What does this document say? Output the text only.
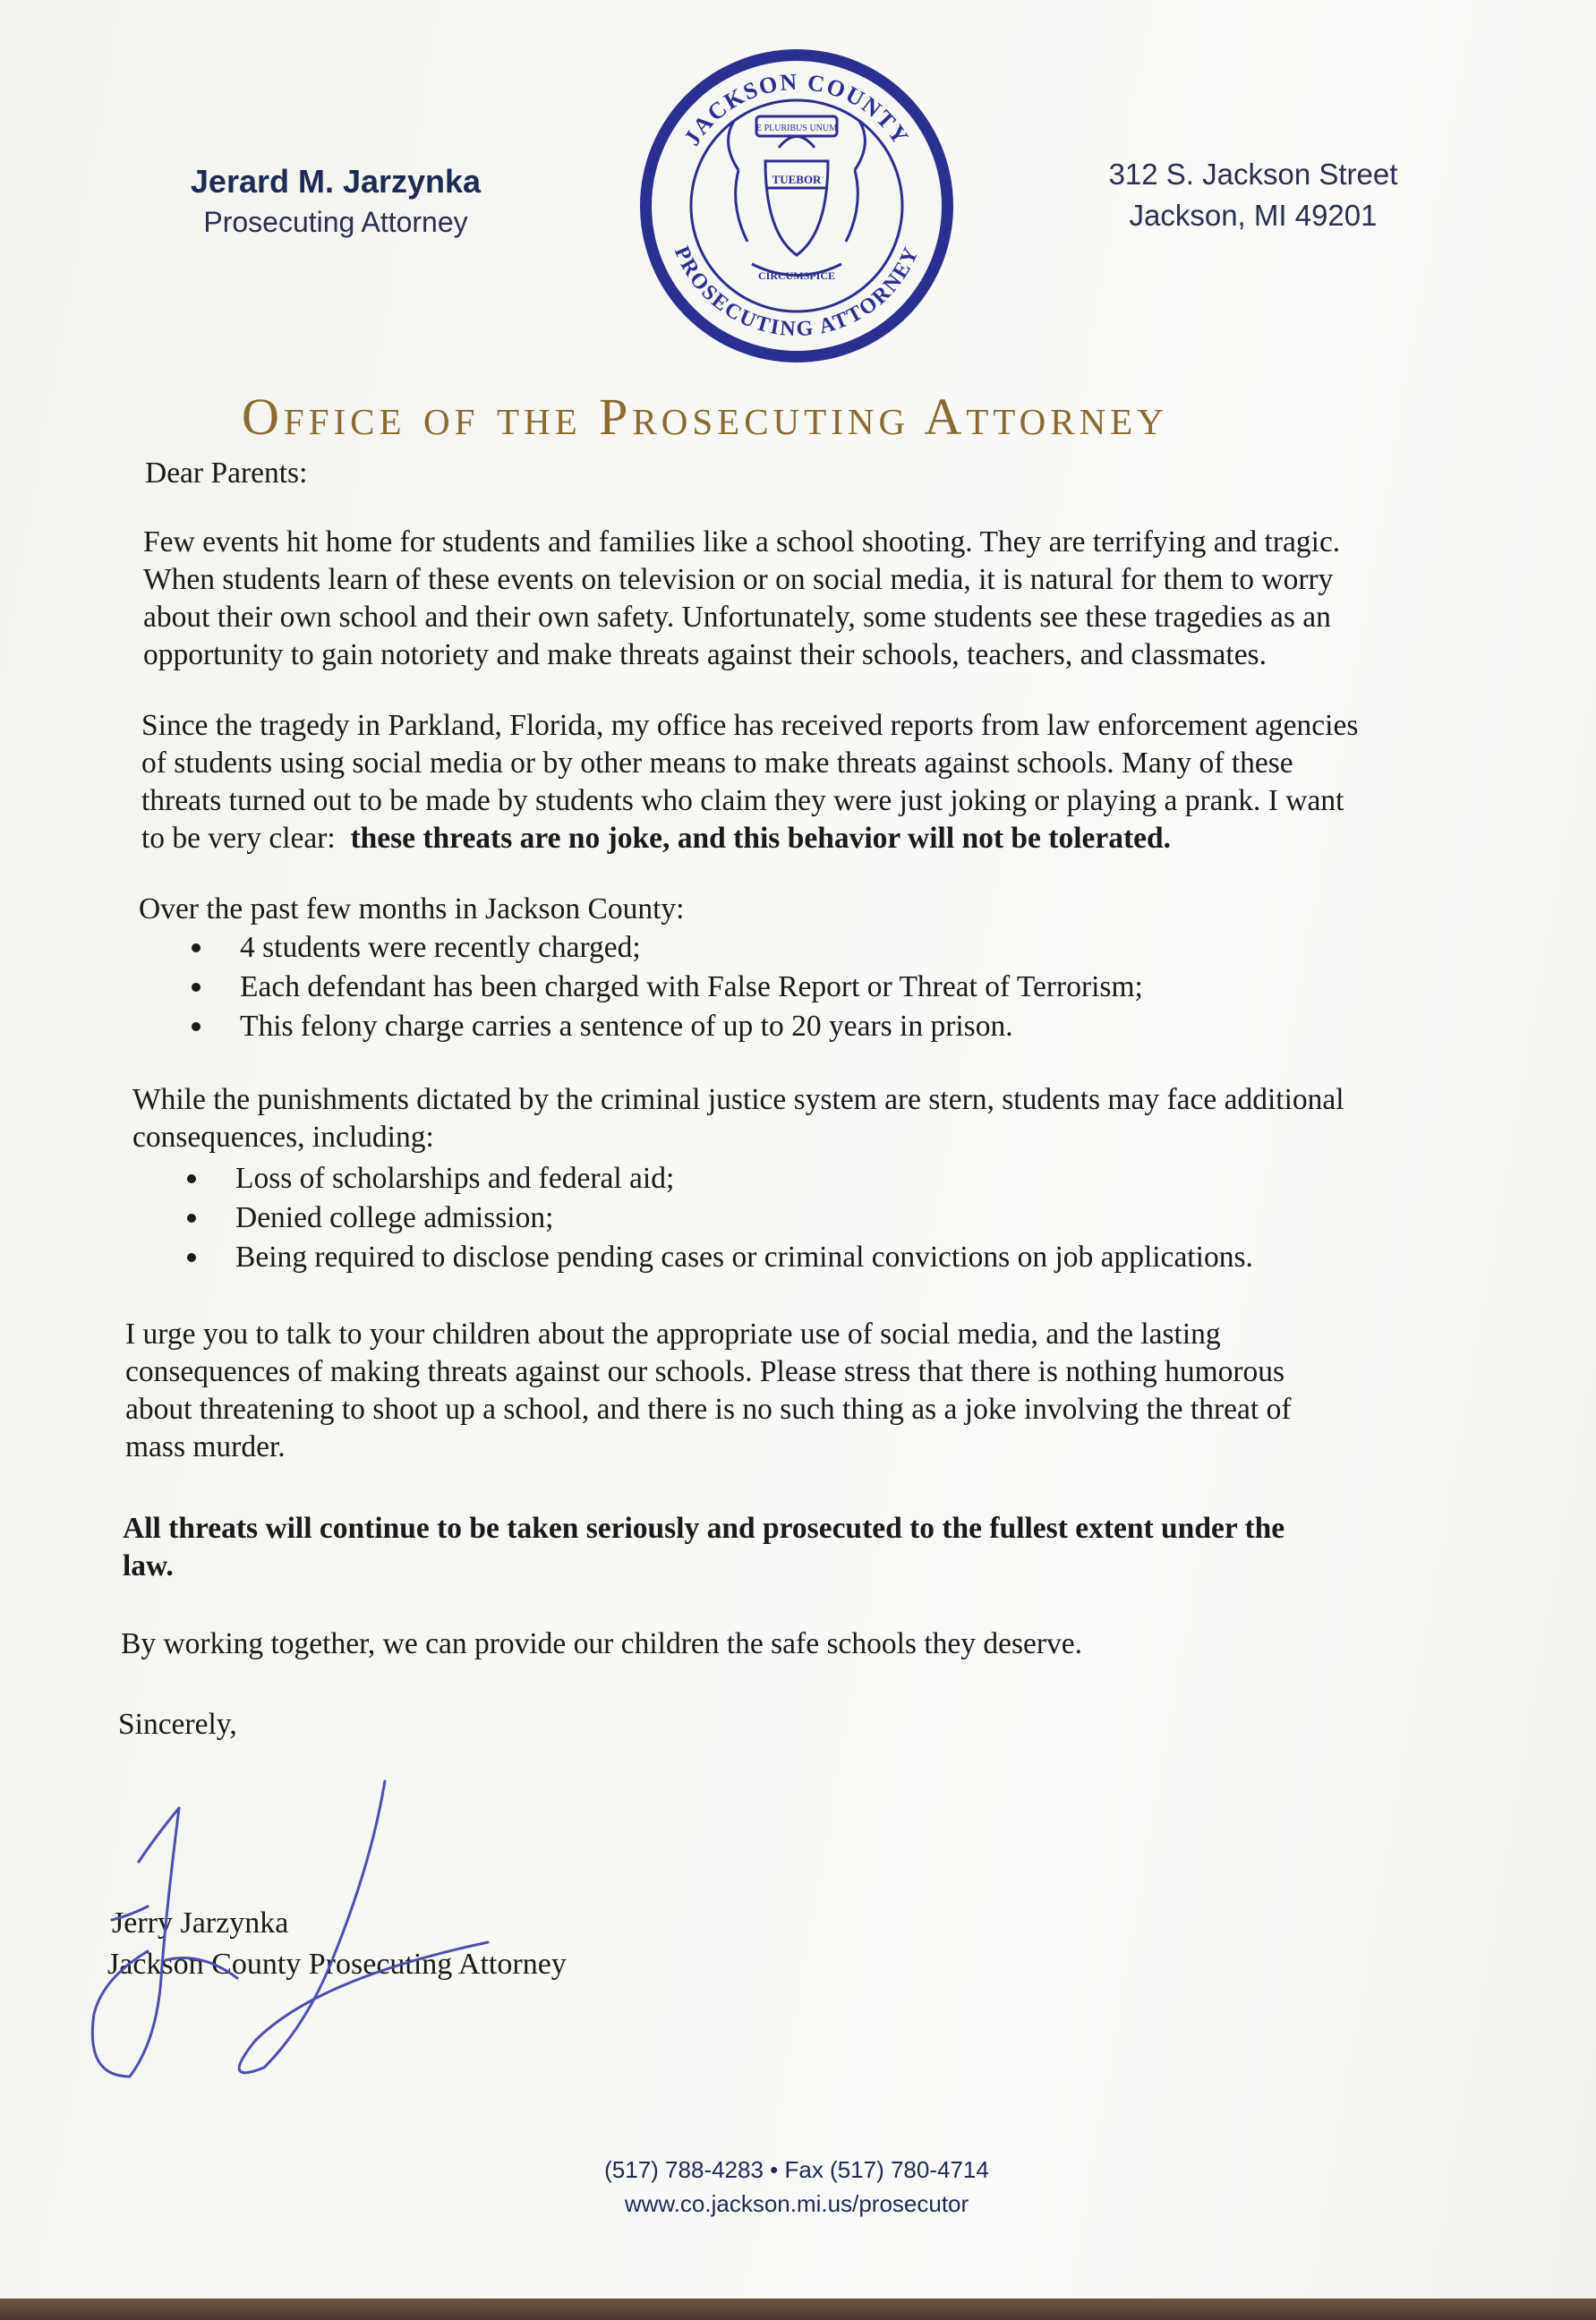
Jerard M. Jarzynka
Prosecuting Attorney
JACKSON COUNTY
PROSECUTING ATTORNEY
E PLURIBUS UNUM
TUEBOR
CIRCUMSPICE
312 S. Jackson Street
Jackson, MI 49201
Office of the Prosecuting Attorney
Dear Parents:
Few events hit home for students and families like a school shooting. They are terrifying and tragic.
When students learn of these events on television or on social media, it is natural for them to worry
about their own school and their own safety. Unfortunately, some students see these tragedies as an
opportunity to gain notoriety and make threats against their schools, teachers, and classmates.
Since the tragedy in Parkland, Florida, my office has received reports from law enforcement agencies
of students using social media or by other means to make threats against schools. Many of these
threats turned out to be made by students who claim they were just joking or playing a prank. I want
to be very clear:  these threats are no joke, and this behavior will not be tolerated.
Over the past few months in Jackson County:
4 students were recently charged;
Each defendant has been charged with False Report or Threat of Terrorism;
This felony charge carries a sentence of up to 20 years in prison.
While the punishments dictated by the criminal justice system are stern, students may face additional
consequences, including:
Loss of scholarships and federal aid;
Denied college admission;
Being required to disclose pending cases or criminal convictions on job applications.
I urge you to talk to your children about the appropriate use of social media, and the lasting
consequences of making threats against our schools. Please stress that there is nothing humorous
about threatening to shoot up a school, and there is no such thing as a joke involving the threat of
mass murder.
All threats will continue to be taken seriously and prosecuted to the fullest extent under the
law.
By working together, we can provide our children the safe schools they deserve.
Sincerely,
Jerry Jarzynka
Jackson County Prosecuting Attorney
(517) 788-4283 • Fax (517) 780-4714
www.co.jackson.mi.us/prosecutor
